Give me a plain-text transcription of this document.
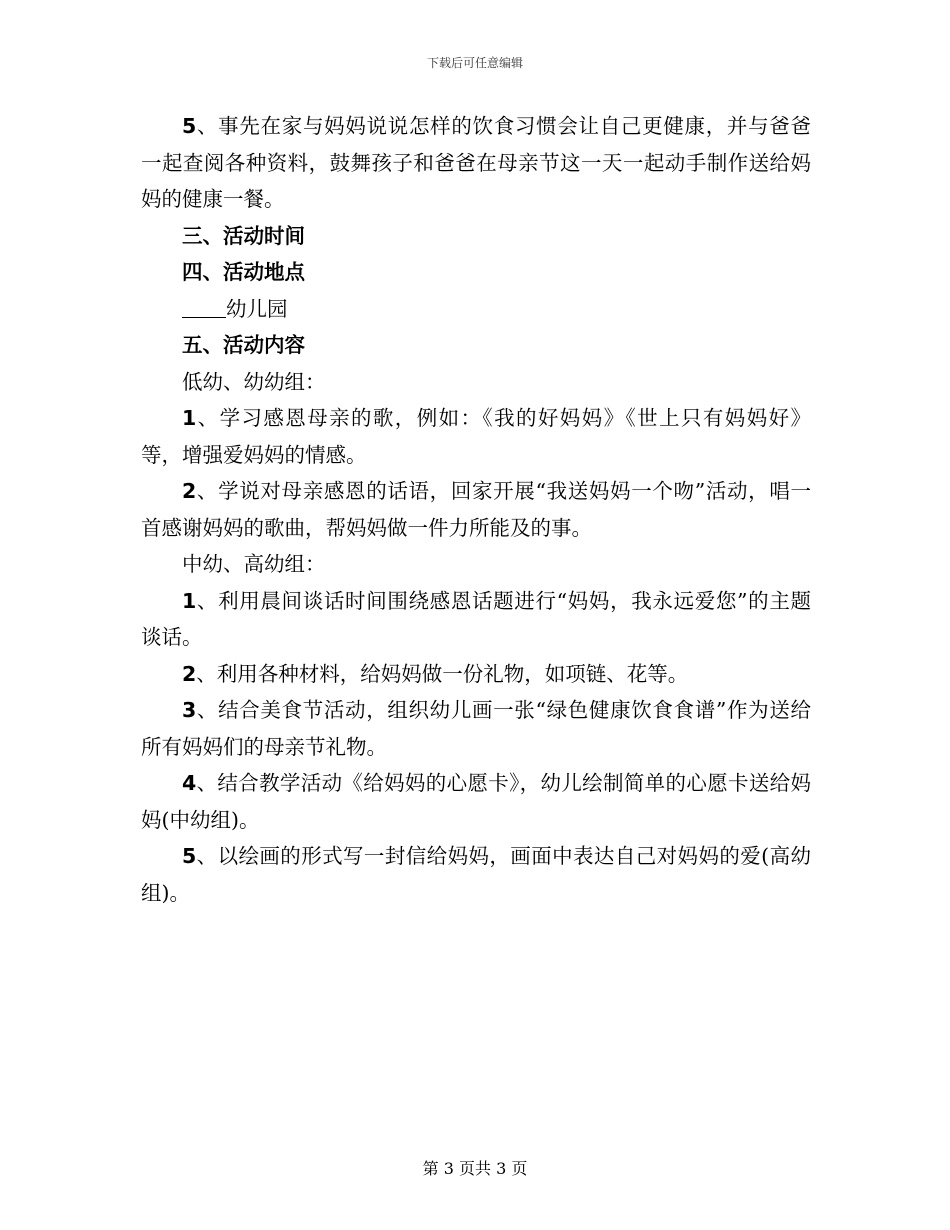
下载后可任意编辑

5、事先在家与妈妈说说怎样的饮食习惯会让自己更健康，并与爸爸一起查阅各种资料，鼓舞孩子和爸爸在母亲节这一天一起动手制作送给妈妈的健康一餐。

三、活动时间

四、活动地点

幼儿园

五、活动内容

低幼、幼幼组：

1、学习感恩母亲的歌，例如：《我的好妈妈》《世上只有妈妈好》等，增强爱妈妈的情感。

2、学说对母亲感恩的话语，回家开展“我送妈妈一个吻”活动，唱一首感谢妈妈的歌曲，帮妈妈做一件力所能及的事。

中幼、高幼组：

1、利用晨间谈话时间围绕感恩话题进行“妈妈，我永远爱您”的主题谈话。

2、利用各种材料，给妈妈做一份礼物，如项链、花等。

3、结合美食节活动，组织幼儿画一张“绿色健康饮食食谱”作为送给所有妈妈们的母亲节礼物。

4、结合教学活动《给妈妈的心愿卡》，幼儿绘制简单的心愿卡送给妈妈(中幼组)。

5、以绘画的形式写一封信给妈妈，画面中表达自己对妈妈的爱(高幼组)。

第 3 页共 3 页
